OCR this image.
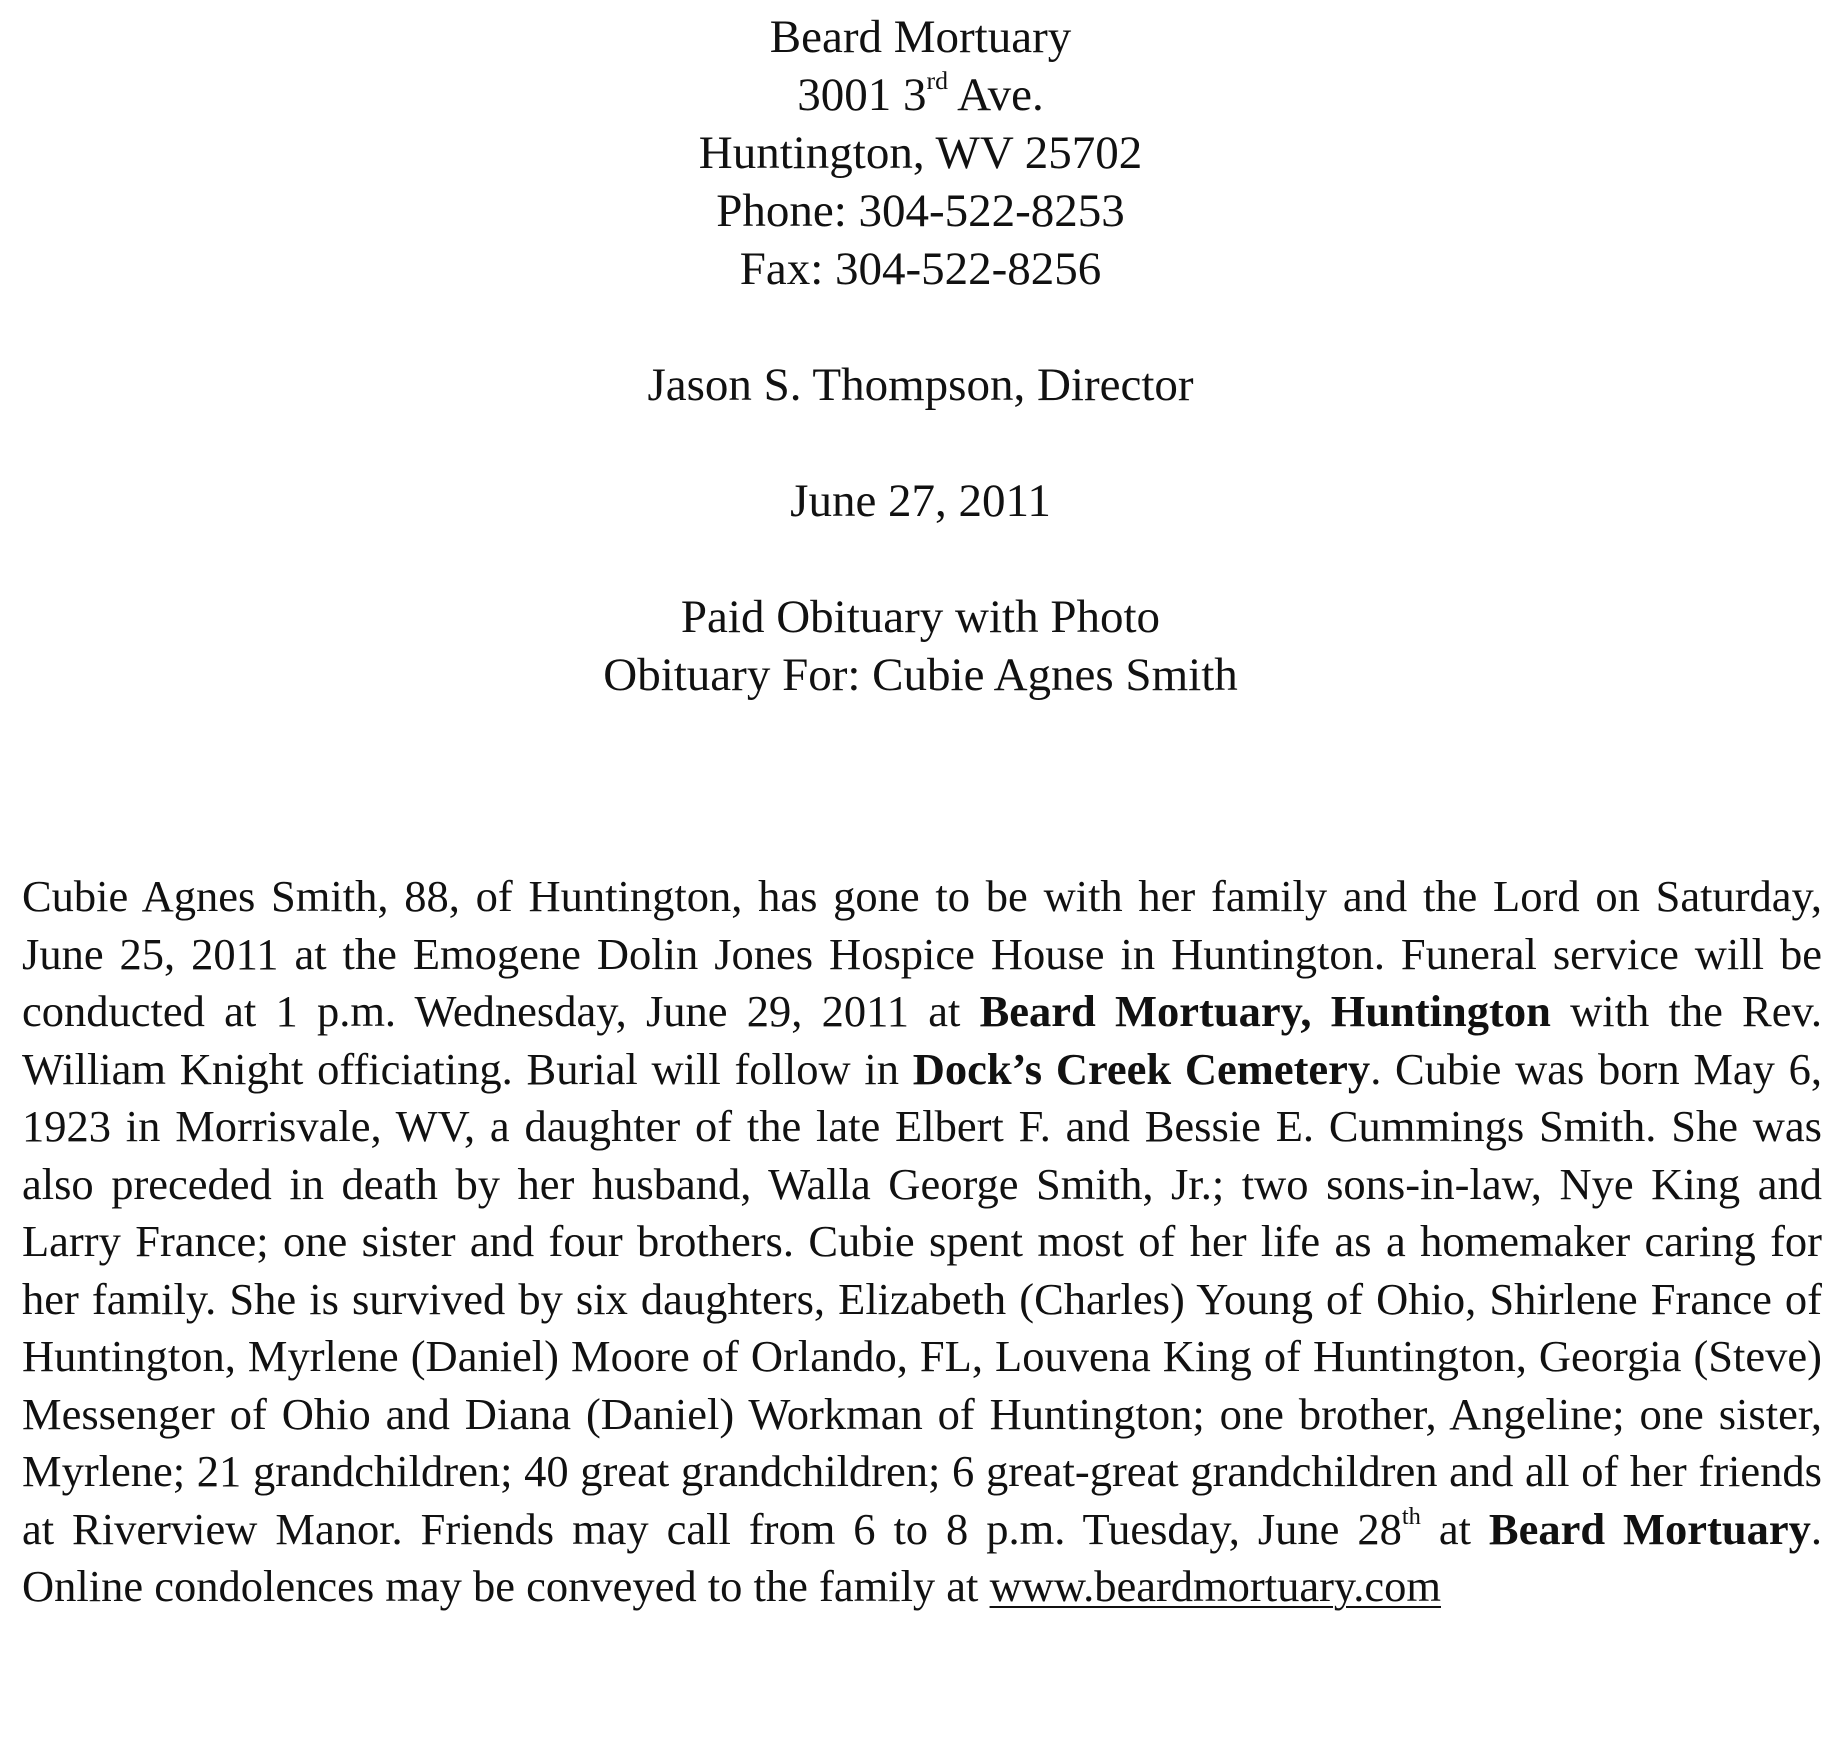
Beard Mortuary
3001 3rd Ave.
Huntington, WV 25702
Phone: 304-522-8253
Fax: 304-522-8256
Jason S. Thompson, Director
June 27, 2011
Paid Obituary with Photo
Obituary For: Cubie Agnes Smith
Cubie Agnes Smith, 88, of Huntington, has gone to be with her family and the Lord on Saturday, June 25, 2011 at the Emogene Dolin Jones Hospice House in Huntington. Funeral service will be conducted at 1 p.m. Wednesday, June 29, 2011 at Beard Mortuary, Huntington with the Rev. William Knight officiating. Burial will follow in Dock’s Creek Cemetery. Cubie was born May 6, 1923 in Morrisvale, WV, a daughter of the late Elbert F. and Bessie E. Cummings Smith. She was also preceded in death by her husband, Walla George Smith, Jr.; two sons-in-law, Nye King and Larry France; one sister and four brothers. Cubie spent most of her life as a homemaker caring for her family. She is survived by six daughters, Elizabeth (Charles) Young of Ohio, Shirlene France of Huntington, Myrlene (Daniel) Moore of Orlando, FL, Louvena King of Huntington, Georgia (Steve) Messenger of Ohio and Diana (Daniel) Workman of Huntington; one brother, Angeline; one sister, Myrlene; 21 grandchildren; 40 great grandchildren; 6 great-great grandchildren and all of her friends at Riverview Manor. Friends may call from 6 to 8 p.m. Tuesday, June 28th at Beard Mortuary. Online condolences may be conveyed to the family at www.beardmortuary.com
